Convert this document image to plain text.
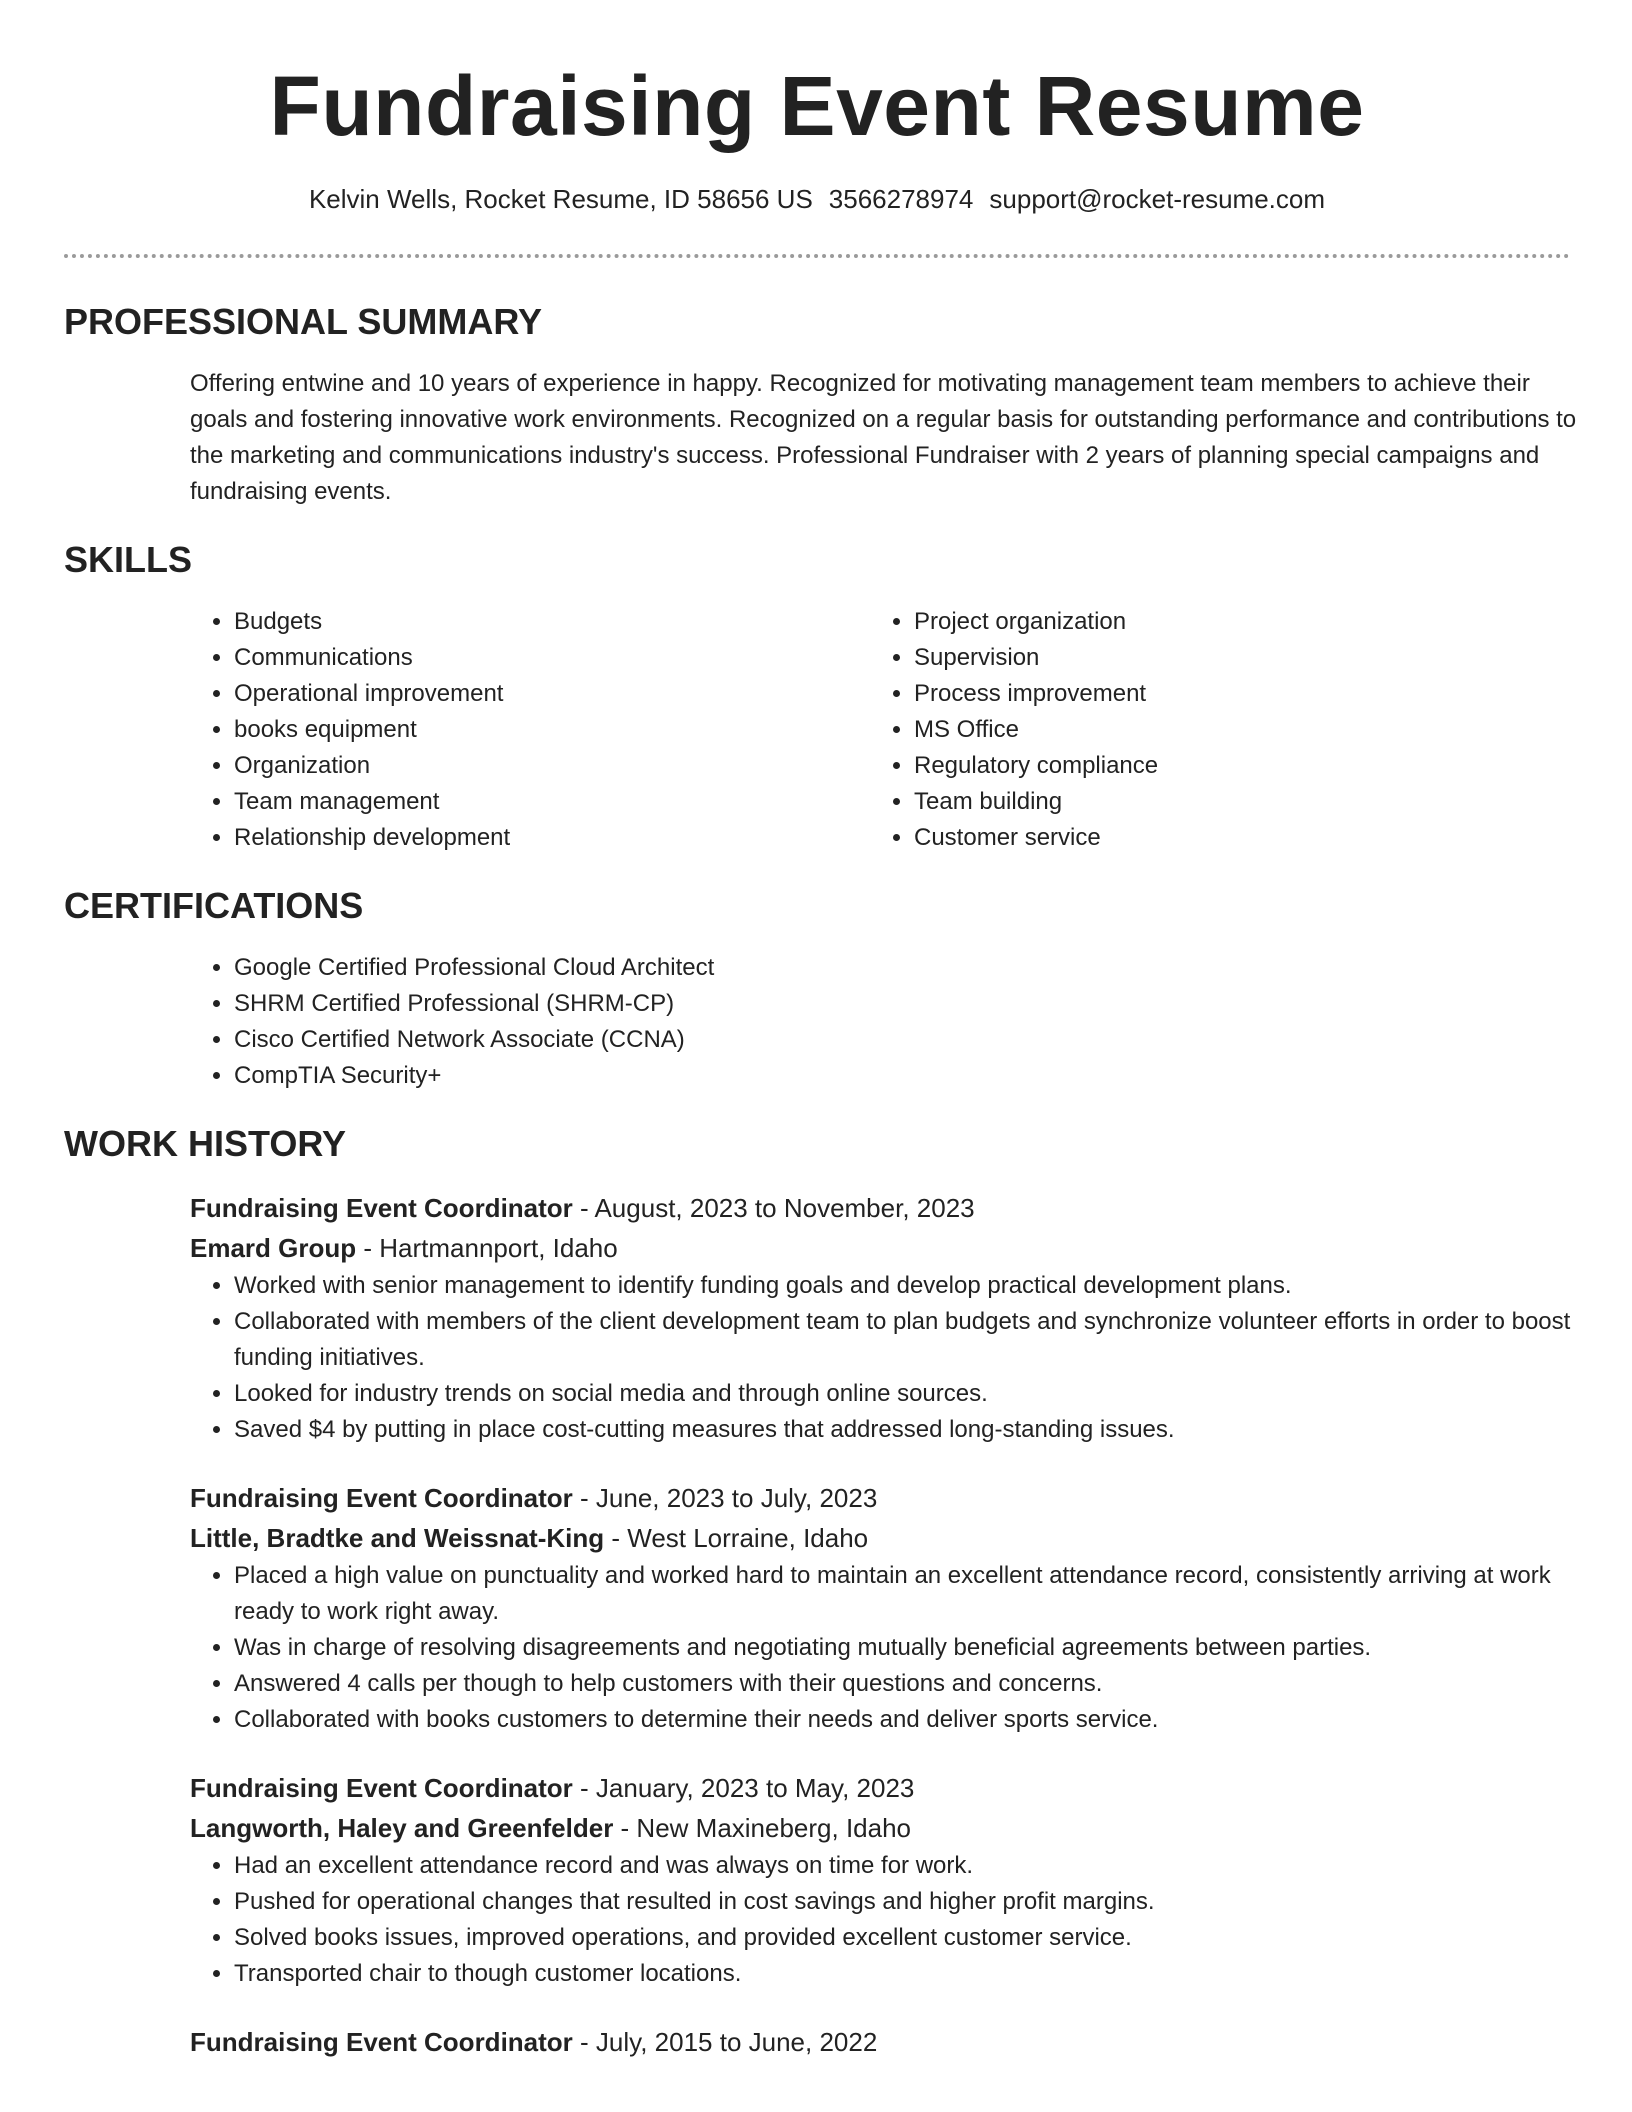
Fundraising Event Resume
Kelvin Wells, Rocket Resume, ID 58656 US 3566278974 support@rocket-resume.com
PROFESSIONAL SUMMARY

Offering entwine and 10 years of experience in happy. Recognized for motivating management team members to achieve their goals and fostering innovative work environments. Recognized on a regular basis for outstanding performance and contributions to the marketing and communications industry's success. Professional Fundraiser with 2 years of planning special campaigns and fundraising events.

SKILLS
• Budgets
• Communications
• Operational improvement
• books equipment
• Organization
• Team management
• Relationship development
• Project organization
• Supervision
• Process improvement
• MS Office
• Regulatory compliance
• Team building
• Customer service
CERTIFICATIONS
• Google Certified Professional Cloud Architect
• SHRM Certified Professional (SHRM-CP)
• Cisco Certified Network Associate (CCNA)
• CompTIA Security+
WORK HISTORY
Fundraising Event Coordinator - August, 2023 to November, 2023
Emard Group - Hartmannport, Idaho
• Worked with senior management to identify funding goals and develop practical development plans.
• Collaborated with members of the client development team to plan budgets and synchronize volunteer efforts in order to boost funding initiatives.
• Looked for industry trends on social media and through online sources.
• Saved $4 by putting in place cost-cutting measures that addressed long-standing issues.
Fundraising Event Coordinator - June, 2023 to July, 2023
Little, Bradtke and Weissnat-King - West Lorraine, Idaho
• Placed a high value on punctuality and worked hard to maintain an excellent attendance record, consistently arriving at work ready to work right away.
• Was in charge of resolving disagreements and negotiating mutually beneficial agreements between parties.
• Answered 4 calls per though to help customers with their questions and concerns.
• Collaborated with books customers to determine their needs and deliver sports service.
Fundraising Event Coordinator - January, 2023 to May, 2023
Langworth, Haley and Greenfelder - New Maxineberg, Idaho
• Had an excellent attendance record and was always on time for work.
• Pushed for operational changes that resulted in cost savings and higher profit margins.
• Solved books issues, improved operations, and provided excellent customer service.
• Transported chair to though customer locations.
Fundraising Event Coordinator - July, 2015 to June, 2022
